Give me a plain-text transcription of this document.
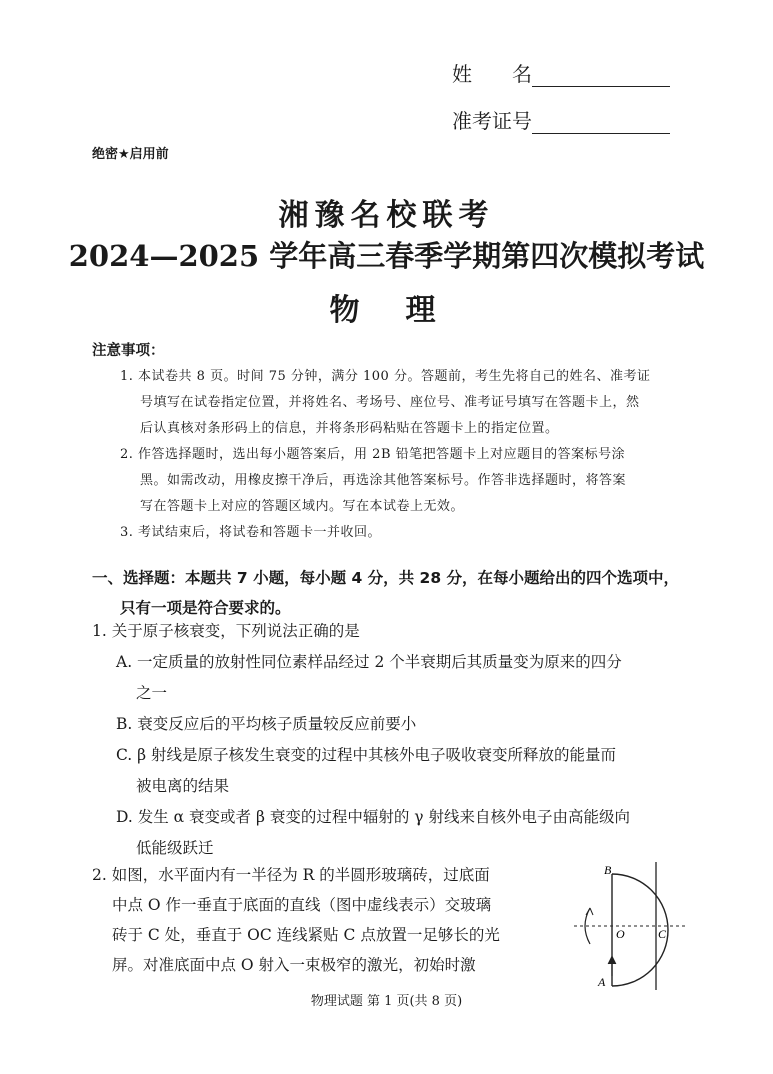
姓　　名
准考证号
绝密★启用前
湘豫名校联考
2024—2025 学年高三春季学期第四次模拟考试
物　理
注意事项：
1. 本试卷共 8 页。时间 75 分钟，满分 100 分。答题前，考生先将自己的姓名、准考证
号填写在试卷指定位置，并将姓名、考场号、座位号、准考证号填写在答题卡上，然
后认真核对条形码上的信息，并将条形码粘贴在答题卡上的指定位置。
2. 作答选择题时，选出每小题答案后，用 2B 铅笔把答题卡上对应题目的答案标号涂
黑。如需改动，用橡皮擦干净后，再选涂其他答案标号。作答非选择题时，将答案
写在答题卡上对应的答题区域内。写在本试卷上无效。
3. 考试结束后，将试卷和答题卡一并收回。
一、选择题：本题共 7 小题，每小题 4 分，共 28 分，在每小题给出的四个选项中，
只有一项是符合要求的。
1. 关于原子核衰变，下列说法正确的是
A. 一定质量的放射性同位素样品经过 2 个半衰期后其质量变为原来的四分
之一
B. 衰变反应后的平均核子质量较反应前要小
C. β 射线是原子核发生衰变的过程中其核外电子吸收衰变所释放的能量而
被电离的结果
D. 发生 α 衰变或者 β 衰变的过程中辐射的 γ 射线来自核外电子由高能级向
低能级跃迁
2. 如图，水平面内有一半径为 R 的半圆形玻璃砖，过底面
中点 O 作一垂直于底面的直线（图中虚线表示）交玻璃
砖于 C 处，垂直于 OC 连线紧贴 C 点放置一足够长的光
屏。对准底面中点 O 射入一束极窄的激光，初始时激
B
O	C
A
物理试题 第 1 页(共 8 页)
